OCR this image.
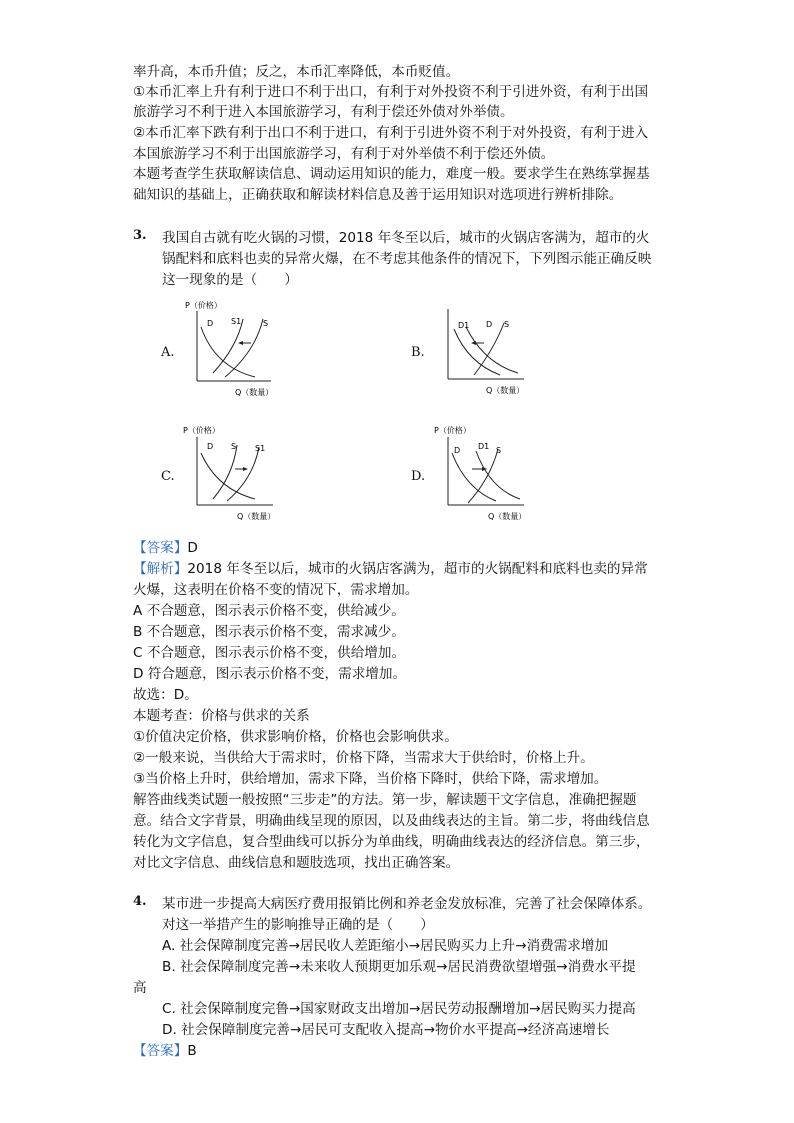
率升高，本币升值；反之，本币汇率降低，本币贬值。
①本币汇率上升有利于进口不利于出口，有利于对外投资不利于引进外资，有利于出国
旅游学习不利于进入本国旅游学习，有利于偿还外债对外举债。
②本币汇率下跌有利于出口不利于进口，有利于引进外资不利于对外投资，有利于进入
本国旅游学习不利于出国旅游学习，有利于对外举债不利于偿还外债。
本题考查学生获取解读信息、调动运用知识的能力，难度一般。要求学生在熟练掌握基
础知识的基础上，正确获取和解读材料信息及善于运用知识对选项进行辨析排除。
3. 我国自古就有吃火锅的习惯，2018 年冬至以后，城市的火锅店客满为，超市的火
锅配料和底料也卖的异常火爆，在不考虑其他条件的情况下，下列图示能正确反映
这一现象的是（　　）
A.
P（价格）
D S1	S
Q（数量）
B.
D1 D S
Q（数量）
C.
P（价格）
D S S1
Q（数量）
D.
P（价格）
D D1 S
Q（数量）
【答案】D
【解析】2018 年冬至以后，城市的火锅店客满为，超市的火锅配料和底料也卖的异常
火爆，这表明在价格不变的情况下，需求增加。
A 不合题意，图示表示价格不变，供给减少。
B 不合题意，图示表示价格不变，需求减少。
C 不合题意，图示表示价格不变，供给增加。
D 符合题意，图示表示价格不变，需求增加。
故选：D。
本题考查：价格与供求的关系
①价值决定价格，供求影响价格，价格也会影响供求。
②一般来说，当供给大于需求时，价格下降，当需求大于供给时，价格上升。
③当价格上升时，供给增加，需求下降，当价格下降时，供给下降，需求增加。
解答曲线类试题一般按照“三步走”的方法。第一步，解读题干文字信息，准确把握题
意。结合文字背景，明确曲线呈现的原因，以及曲线表达的主旨。第二步，将曲线信息
转化为文字信息，复合型曲线可以拆分为单曲线，明确曲线表达的经济信息。第三步，
对比文字信息、曲线信息和题肢选项，找出正确答案。
4. 某市进一步提高大病医疗费用报销比例和养老金发放标准，完善了社会保障体系。
对这一举措产生的影响推导正确的是（　　）
A. 社会保障制度完善→居民收人差距缩小→居民购买力上升→消费需求增加
B. 社会保障制度完善→未来收人预期更加乐观→居民消费欲望增强→消费水平提
高
C. 社会保障制度完鲁→国家财政支出增加→居民劳动报酬增加→居民购买力提高
D. 社会保障制度完善→居民可支配收入提高→物价水平提高→经济高速增长
【答案】B
